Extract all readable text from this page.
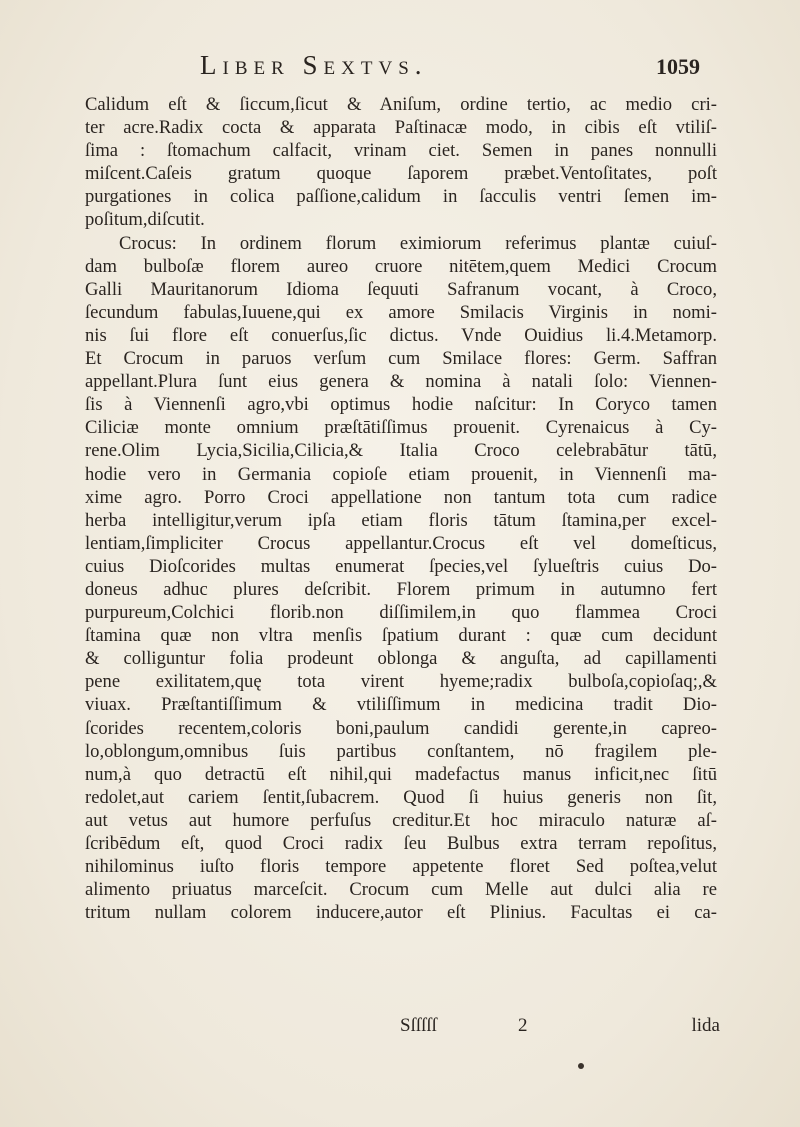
Liber Sextvs.	1059
Calidum eſt & ſiccum,ſicut & Aniſum, ordine tertio, ac medio cri-
ter acre.Radix cocta & apparata Paſtinacæ modo, in cibis eſt vtiliſ-
ſima : ſtomachum calfacit, vrinam ciet. Semen in panes nonnulli
miſcent.Caſeis gratum quoque ſaporem præbet.Ventoſitates, poſt
purgationes in colica paſſione,calidum in ſacculis ventri ſemen im-
poſitum,diſcutit.
Crocus: In ordinem florum eximiorum referimus plantæ cuiuſ-
dam bulboſæ florem aureo cruore nitētem,quem Medici Crocum
Galli Mauritanorum Idioma ſequuti Safranum vocant, à Croco,
ſecundum fabulas,Iuuene,qui ex amore Smilacis Virginis in nomi-
nis ſui flore eſt conuerſus,ſic dictus. Vnde Ouidius li.4.Metamorp.
Et Crocum in paruos verſum cum Smilace flores: Germ. Saffran
appellant.Plura ſunt eius genera & nomina à natali ſolo: Viennen-
ſis à Viennenſi agro,vbi optimus hodie naſcitur: In Coryco tamen
Ciliciæ monte omnium præſtātiſſimus prouenit. Cyrenaicus à Cy-
rene.Olim Lycia,Sicilia,Cilicia,& Italia Croco celebrabātur tātū,
hodie vero in Germania copioſe etiam prouenit, in Viennenſi ma-
xime agro. Porro Croci appellatione non tantum tota cum radice
herba intelligitur,verum ipſa etiam floris tātum ſtamina,per excel-
lentiam,ſimpliciter Crocus appellantur.Crocus eſt vel domeſticus,
cuius Dioſcorides multas enumerat ſpecies,vel ſylueſtris cuius Do-
doneus adhuc plures deſcribit. Florem primum in autumno fert
purpureum,Colchici florib.non diſſimilem,in quo flammea Croci
ſtamina quæ non vltra menſis ſpatium durant : quæ cum decidunt
& colliguntur folia prodeunt oblonga & anguſta, ad capillamenti
pene exilitatem,quę tota virent hyeme;radix bulboſa,copioſaq;,&
viuax. Præſtantiſſimum & vtiliſſimum in medicina tradit Dio-
ſcorides recentem,coloris boni,paulum candidi gerente,in capreo-
lo,oblongum,omnibus ſuis partibus conſtantem, nō fragilem ple-
num,à quo detractū eſt nihil,qui madefactus manus inficit,nec ſitū
redolet,aut cariem ſentit,ſubacrem. Quod ſi huius generis non ſit,
aut vetus aut humore perfuſus creditur.Et hoc miraculo naturæ aſ-
ſcribēdum eſt, quod Croci radix ſeu Bulbus extra terram repoſitus,
nihilominus iuſto floris tempore appetente floret Sed poſtea,velut
alimento priuatus marceſcit. Crocum cum Melle aut dulci alia re
tritum nullam colorem inducere,autor eſt Plinius. Facultas ei ca-
Sſſſſſ	2	lida
